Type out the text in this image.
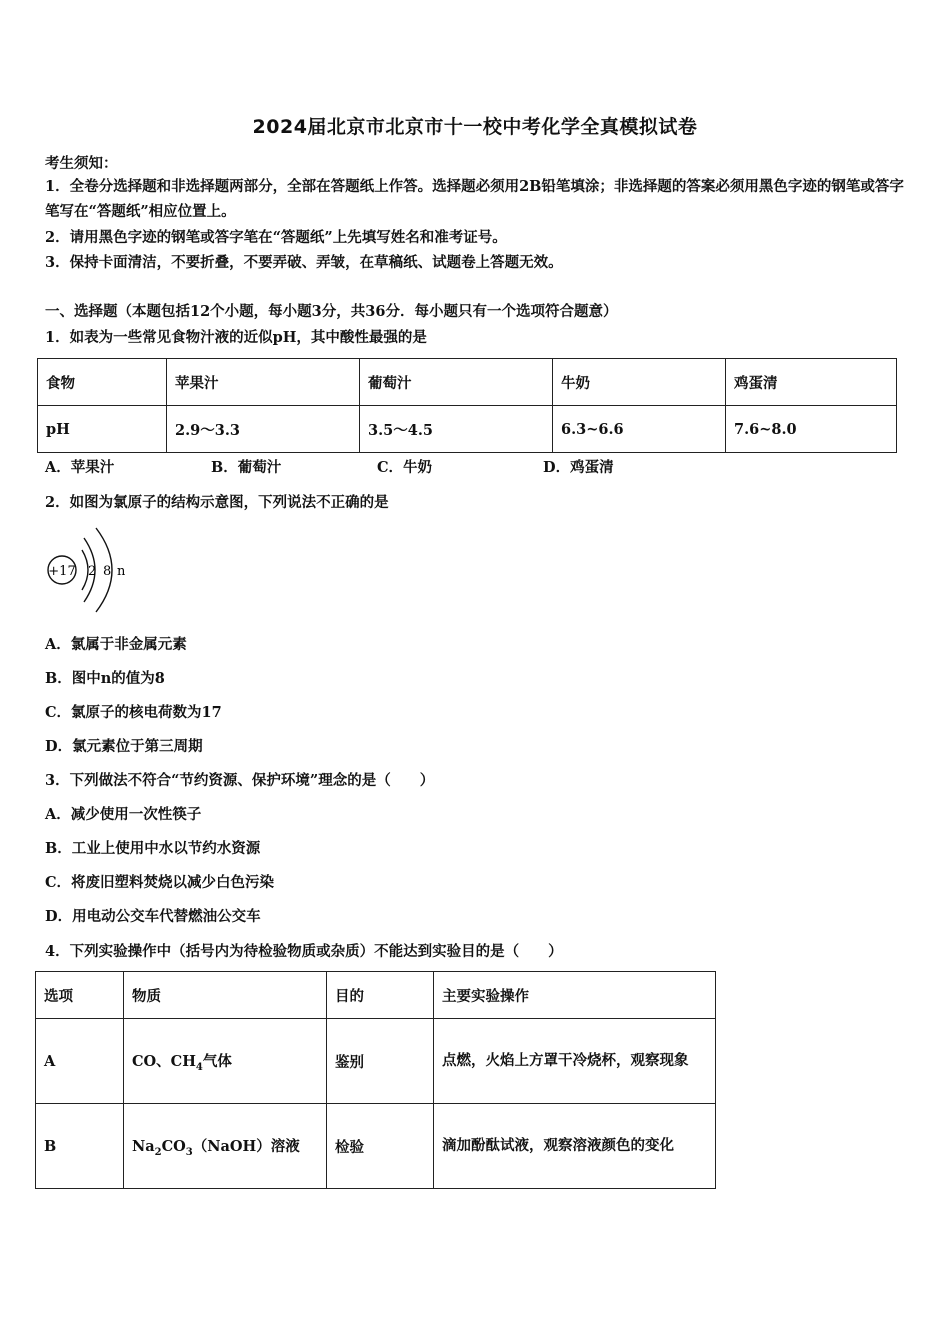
2024届北京市北京市十一校中考化学全真模拟试卷
考生须知：
1．全卷分选择题和非选择题两部分，全部在答题纸上作答。选择题必须用2B铅笔填涂；非选择题的答案必须用黑色字迹的钢笔或答字笔写在“答题纸”相应位置上。
2．请用黑色字迹的钢笔或答字笔在“答题纸”上先填写姓名和准考证号。
3．保持卡面清洁，不要折叠，不要弄破、弄皱，在草稿纸、试题卷上答题无效。
一、选择题（本题包括12个小题，每小题3分，共36分．每小题只有一个选项符合题意）
1．如表为一些常见食物汁液的近似pH，其中酸性最强的是
食物	苹果汁	葡萄汁	牛奶	鸡蛋清
pH	2.9～3.3	3.5～4.5	6.3~6.6	7.6~8.0
A．苹果汁	B．葡萄汁	C．牛奶	D．鸡蛋清
2．如图为氯原子的结构示意图，下列说法不正确的是
+17 2 8 n
A．氯属于非金属元素
B．图中n的值为8
C．氯原子的核电荷数为17
D．氯元素位于第三周期
3．下列做法不符合“节约资源、保护环境”理念的是（　　）
A．减少使用一次性筷子
B．工业上使用中水以节约水资源
C．将废旧塑料焚烧以减少白色污染
D．用电动公交车代替燃油公交车
4．下列实验操作中（括号内为待检验物质或杂质）不能达到实验目的是（　　）
选项	物质	目的	主要实验操作
A	CO、$CH_4$气体	鉴别	点燃，火焰上方罩干冷烧杯，观察现象
B	$Na_2CO_3(NaOH)$溶液	检验	滴加酚酞试液，观察溶液颜色的变化
